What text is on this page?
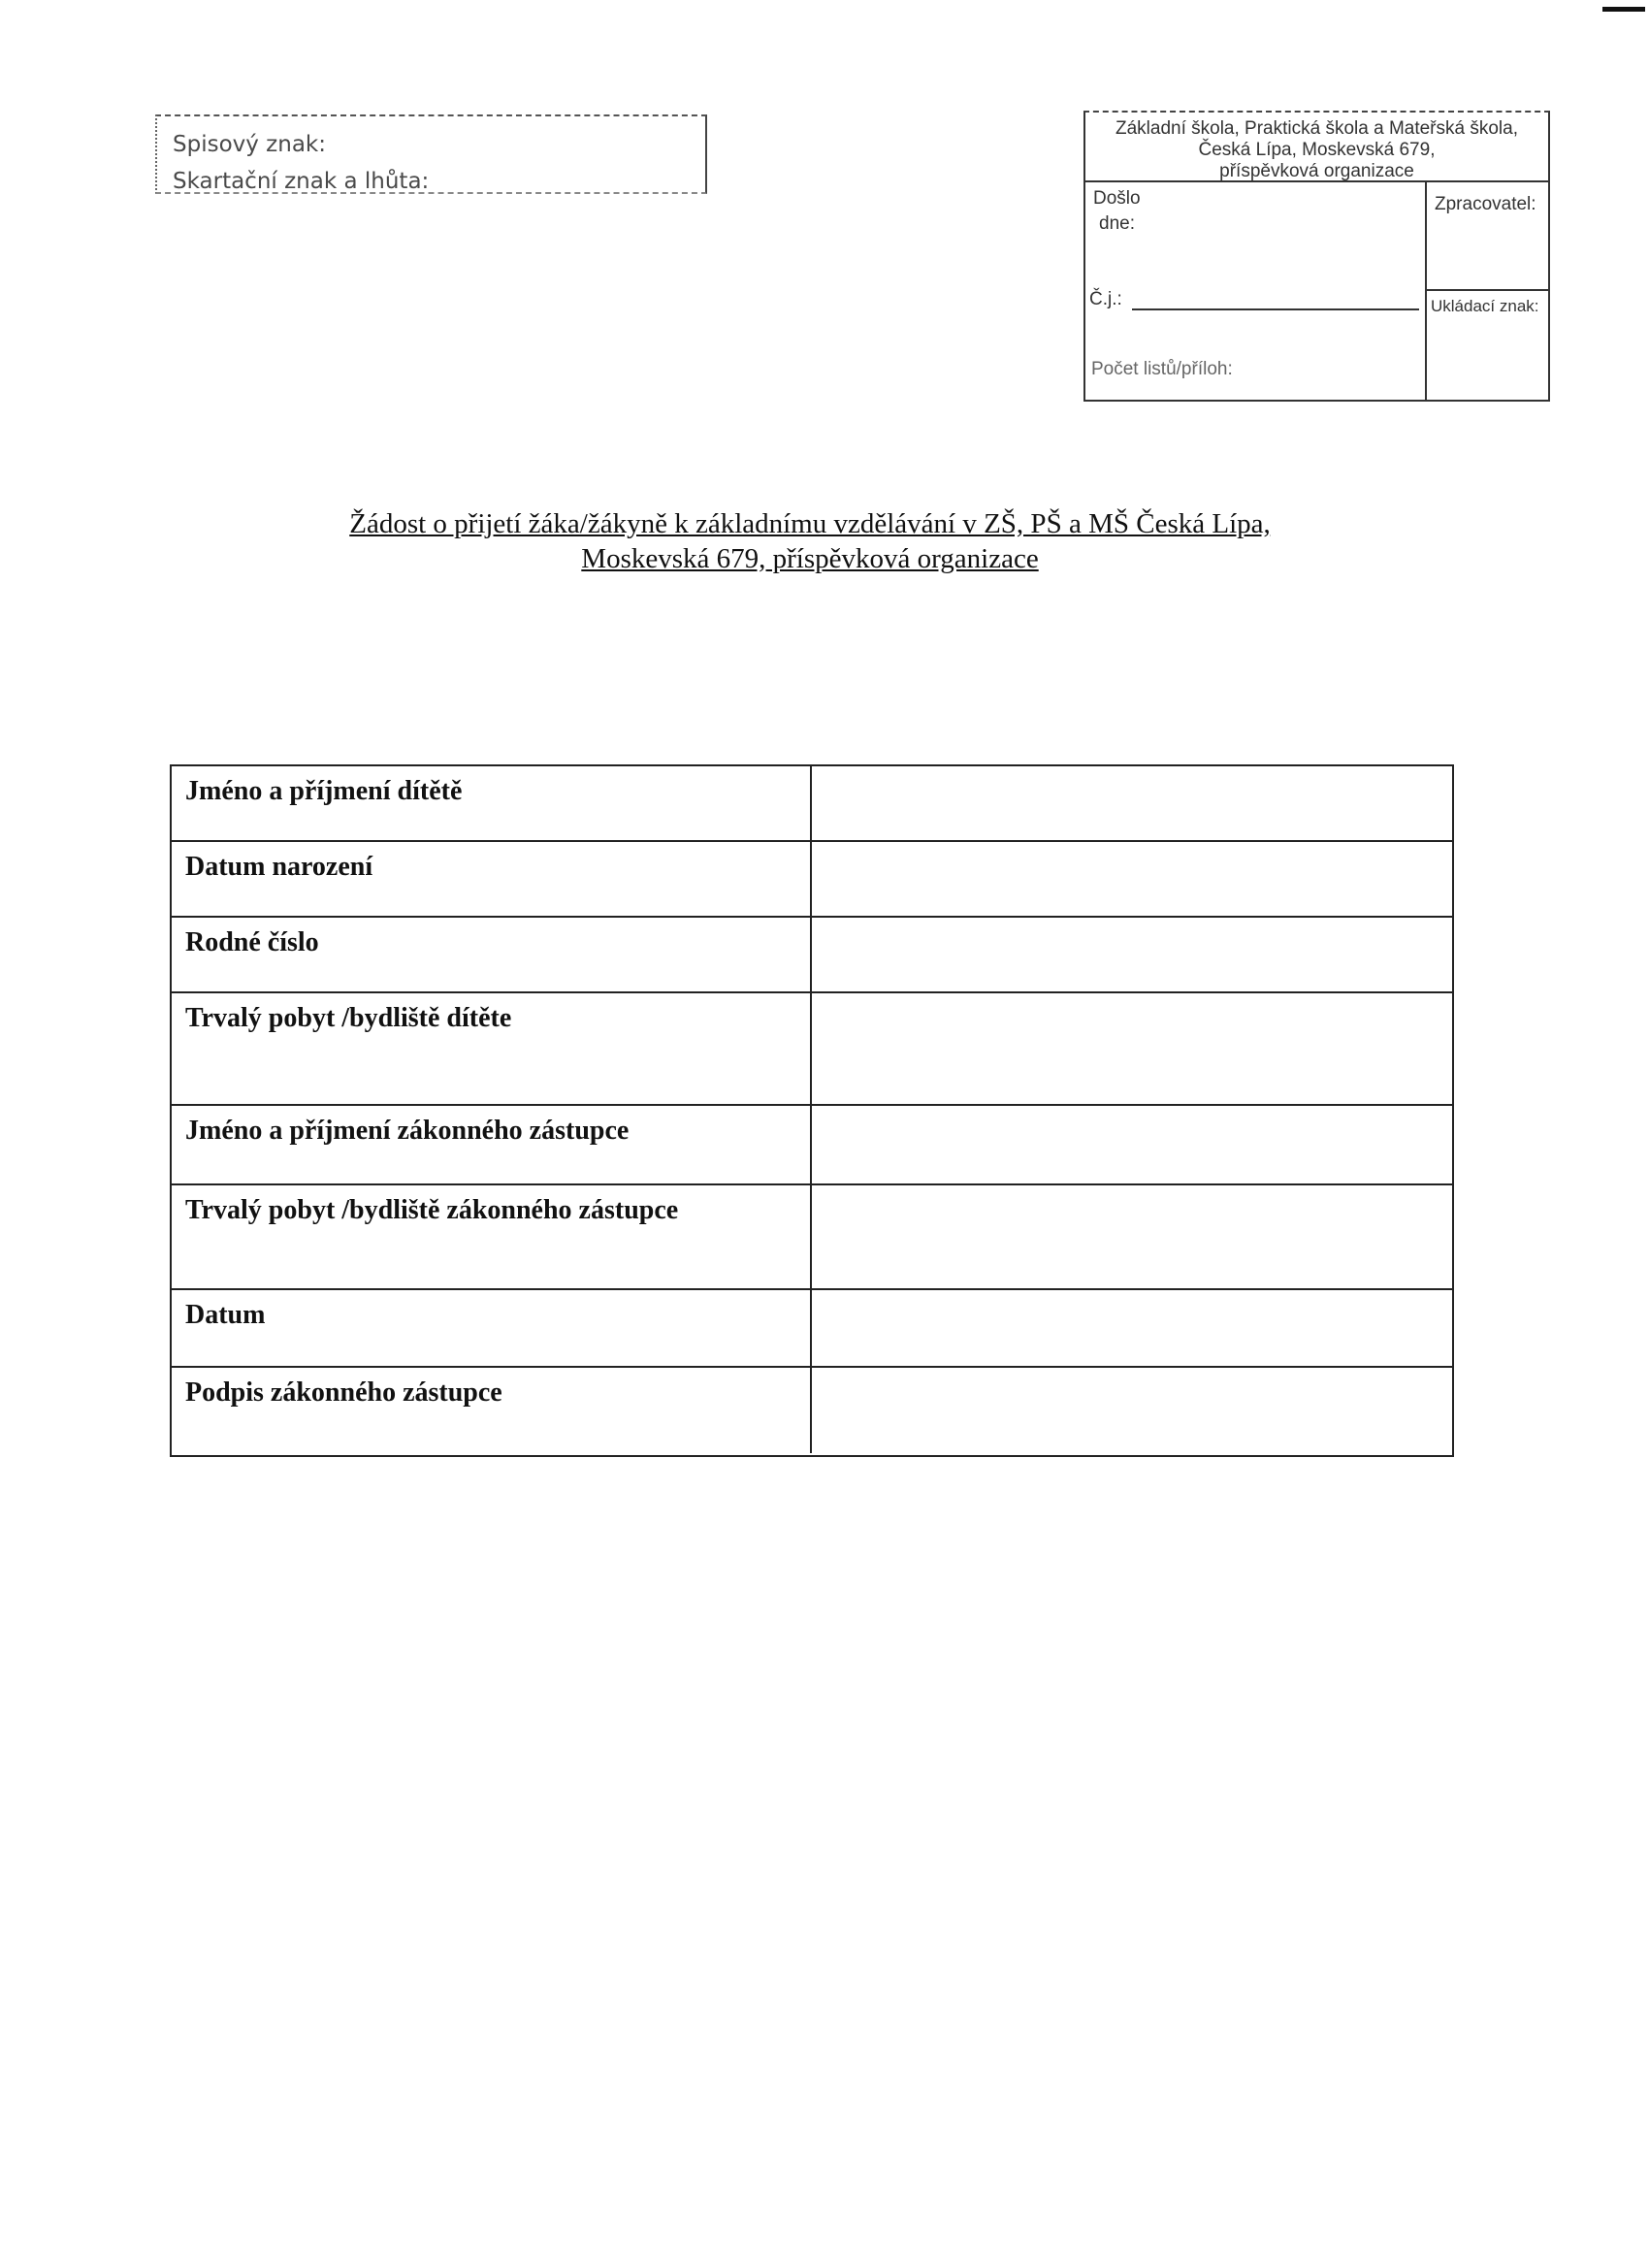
Spisový znak:
Skartační znak a lhůta:
Základní škola, Praktická škola a Mateřská škola,
Česká Lípa, Moskevská 679,
příspěvková organizace
Došlo
dne:
Zpracovatel:
Č.j.:	Ukládací znak:
Počet listů/příloh:
Žádost o přijetí žáka/žákyně k základnímu vzdělávání v ZŠ, PŠ a MŠ Česká Lípa,
Moskevská 679, příspěvková organizace
Jméno a příjmení dítětě
Datum narození
Rodné číslo
Trvalý pobyt /bydliště dítěte
Jméno a příjmení zákonného zástupce
Trvalý pobyt /bydliště zákonného zástupce
Datum
Podpis zákonného zástupce
